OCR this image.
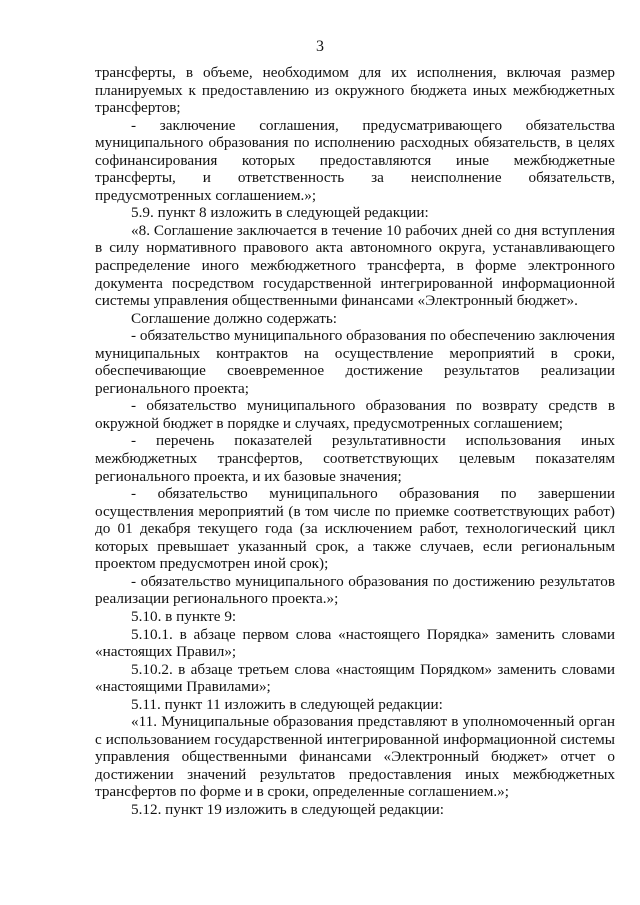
3

трансферты, в объеме, необходимом для их исполнения, включая размер планируемых к предоставлению из окружного бюджета иных межбюджетных трансфертов;

- заключение соглашения, предусматривающего обязательства муниципального образования по исполнению расходных обязательств, в целях софинансирования которых предоставляются иные межбюджетные трансферты, и ответственность за неисполнение обязательств, предусмотренных соглашением.»;

5.9. пункт 8 изложить в следующей редакции:

«8. Соглашение заключается в течение 10 рабочих дней со дня вступления в силу нормативного правового акта автономного округа, устанавливающего распределение иного межбюджетного трансферта, в форме электронного документа посредством государственной интегрированной информационной системы управления общественными финансами «Электронный бюджет».

Соглашение должно содержать:

- обязательство муниципального образования по обеспечению заключения муниципальных контрактов на осуществление мероприятий в сроки, обеспечивающие своевременное достижение результатов реализации регионального проекта;

- обязательство муниципального образования по возврату средств в окружной бюджет в порядке и случаях, предусмотренных соглашением;

- перечень показателей результативности использования иных межбюджетных трансфертов, соответствующих целевым показателям регионального проекта, и их базовые значения;

- обязательство муниципального образования по завершении осуществления мероприятий (в том числе по приемке соответствующих работ) до 01 декабря текущего года (за исключением работ, технологический цикл которых превышает указанный срок, а также случаев, если региональным проектом предусмотрен иной срок);

- обязательство муниципального образования по достижению результатов реализации регионального проекта.»;

5.10. в пункте 9:

5.10.1. в абзаце первом слова «настоящего Порядка» заменить словами «настоящих Правил»;

5.10.2. в абзаце третьем слова «настоящим Порядком» заменить словами «настоящими Правилами»;

5.11. пункт 11 изложить в следующей редакции:

«11. Муниципальные образования представляют в уполномоченный орган с использованием государственной интегрированной информационной системы управления общественными финансами «Электронный бюджет» отчет о достижении значений результатов предоставления иных межбюджетных трансфертов по форме и в сроки, определенные соглашением.»;

5.12. пункт 19 изложить в следующей редакции:
